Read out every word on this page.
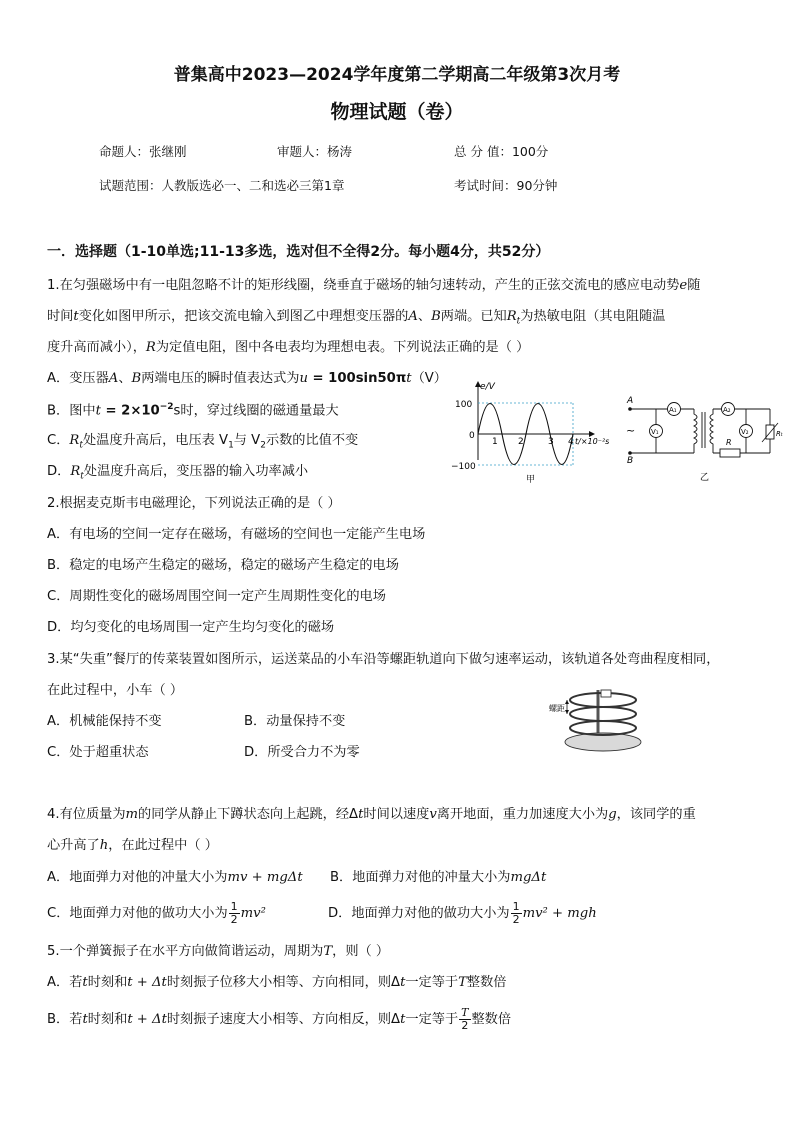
普集高中2023—2024学年度第二学期高二年级第3次月考
物理试题（卷）
命题人：张继刚	审题人：杨涛	总 分 值：100分
试题范围：人教版选必一、二和选必三第1章	考试时间：90分钟
一．选择题（1-10单选;11-13多选，选对但不全得2分。每小题4分，共52分）
1.在匀强磁场中有一电阻忽略不计的矩形线圈，绕垂直于磁场的轴匀速转动，产生的正弦交流电的感应电动势e随
时间t变化如图甲所示，把该交流电输入到图乙中理想变压器的A、B两端。已知$R_t$为热敏电阻（其电阻随温
度升高而减小），R为定值电阻，图中各电表均为理想电表。下列说法正确的是（ ）
A．变压器A、B两端电压的瞬时值表达式为u = 100sin50πt（V）
B．图中$t = 2\times 10^{-2}s$时，穿过线圈的磁通量最大
C．$R_t$处温度升高后，电压表 $V_1$与 $V_2$示数的比值不变
D．$R_t$处温度升高后，变压器的输入功率减小
e/V
100
−100
0
1 2	3 4 t/×10⁻²s
甲
A
B
~
A₁
V₁
A₂
V₂
R
Rₜ
乙
2.根据麦克斯韦电磁理论，下列说法正确的是（ ）
A．有电场的空间一定存在磁场，有磁场的空间也一定能产生电场
B．稳定的电场产生稳定的磁场，稳定的磁场产生稳定的电场
C．周期性变化的磁场周围空间一定产生周期性变化的电场
D．均匀变化的电场周围一定产生均匀变化的磁场
3.某“失重”餐厅的传菜装置如图所示，运送菜品的小车沿等螺距轨道向下做匀速率运动，该轨道各处弯曲程度相同，
在此过程中，小车（ ）
A．机械能保持不变	B．动量保持不变
C．处于超重状态	D．所受合力不为零
螺距
4.有位质量为m的同学从静止下蹲状态向上起跳，经Δt时间以速度v离开地面，重力加速度大小为g，该同学的重
心升高了h，在此过程中（ ）
A．地面弹力对他的冲量大小为mv + mgΔt B．地面弹力对他的冲量大小为mgΔt
C．地面弹力对他的做功大小为 $\frac{1}{2} mv^2$	D．地面弹力对他的做功大小为 $\frac{1}{2} mv^2$ + mgh
5.一个弹簧振子在水平方向做简谐运动，周期为T，则（ ）
A．若t时刻和t + Δt时刻振子位移大小相等、方向相同，则Δt一定等于T整数倍
B．若t时刻和t + Δt时刻振子速度大小相等、方向相反，则Δt一定等于 $\frac{T}{2}$ 整数倍
